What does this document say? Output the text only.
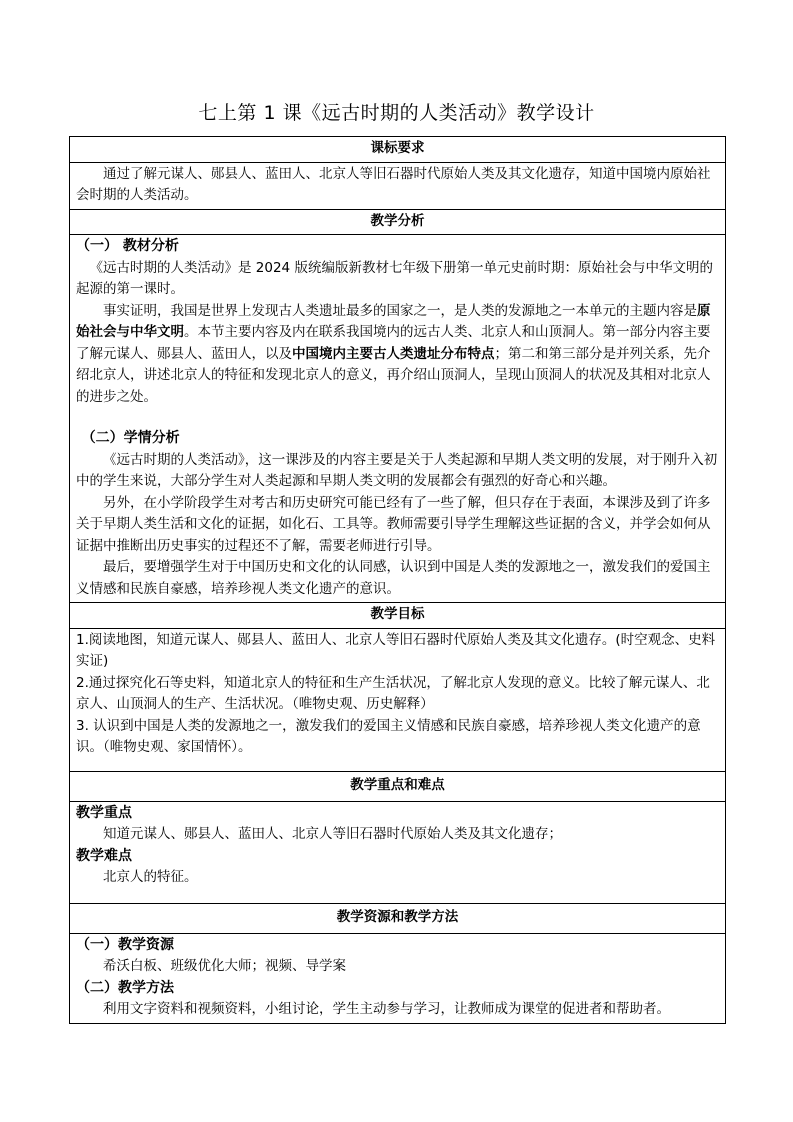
七上第 1 课《远古时期的人类活动》教学设计
课标要求

通过了解元谋人、郧县人、蓝田人、北京人等旧石器时代原始人类及其文化遗存，知道中国境内原始社会时期的人类活动。

教学分析

（一） 教材分析

《远古时期的人类活动》是 2024 版统编版新教材七年级下册第一单元史前时期：原始社会与中华文明的起源的第一课时。

事实证明，我国是世界上发现古人类遗址最多的国家之一，是人类的发源地之一本单元的主题内容是原始社会与中华文明。本节主要内容及内在联系我国境内的远古人类、北京人和山顶洞人。第一部分内容主要了解元谋人、郧县人、蓝田人，以及中国境内主要古人类遗址分布特点；第二和第三部分是并列关系，先介绍北京人，讲述北京人的特征和发现北京人的意义，再介绍山顶洞人，呈现山顶洞人的状况及其相对北京人的进步之处。

（二）学情分析

《远古时期的人类活动》，这一课涉及的内容主要是关于人类起源和早期人类文明的发展，对于刚升入初中的学生来说，大部分学生对人类起源和早期人类文明的发展都会有强烈的好奇心和兴趣。

另外，在小学阶段学生对考古和历史研究可能已经有了一些了解，但只存在于表面，本课涉及到了许多关于早期人类生活和文化的证据，如化石、工具等。教师需要引导学生理解这些证据的含义，并学会如何从证据中推断出历史事实的过程还不了解，需要老师进行引导。

最后，要增强学生对于中国历史和文化的认同感，认识到中国是人类的发源地之一，激发我们的爱国主义情感和民族自豪感，培养珍视人类文化遗产的意识。

教学目标

1.阅读地图，知道元谋人、郧县人、蓝田人、北京人等旧石器时代原始人类及其文化遗存。(时空观念、史料实证)

2.通过探究化石等史料，知道北京人的特征和生产生活状况，了解北京人发现的意义。比较了解元谋人、北京人、山顶洞人的生产、生活状况。（唯物史观、历史解释）

3. 认识到中国是人类的发源地之一，激发我们的爱国主义情感和民族自豪感，培养珍视人类文化遗产的意识。（唯物史观、家国情怀）。

教学重点和难点

教学重点

知道元谋人、郧县人、蓝田人、北京人等旧石器时代原始人类及其文化遗存；

教学难点

北京人的特征。

教学资源和教学方法

（一）教学资源

希沃白板、班级优化大师；视频、导学案

（二）教学方法

利用文字资料和视频资料，小组讨论，学生主动参与学习，让教师成为课堂的促进者和帮助者。
